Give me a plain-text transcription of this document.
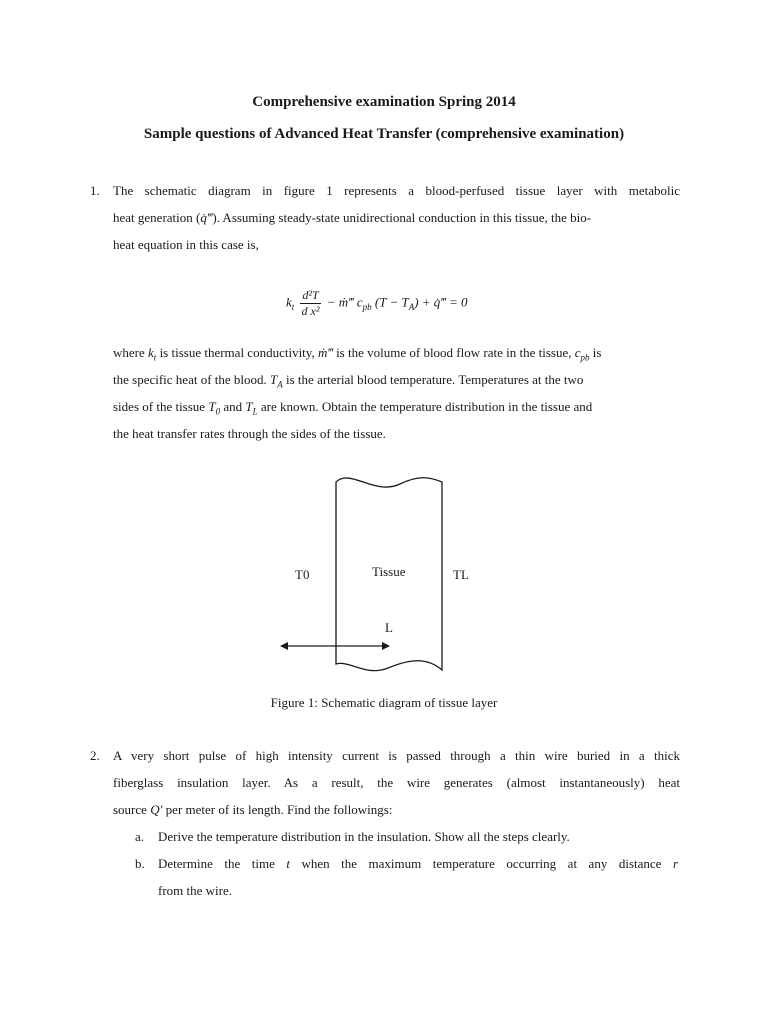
Comprehensive examination Spring 2014
Sample questions of Advanced Heat Transfer (comprehensive examination)
1. The schematic diagram in figure 1 represents a blood-perfused tissue layer with metabolic
heat generation (q̇‴). Assuming steady-state unidirectional conduction in this tissue, the bio-
heat equation in this case is,
$k_t \frac{\text{d²T}}{\text{d x²}}$ − ṁ‴ $c_{pb}$ $(T - T_A)$ + q̇‴ = 0
where $k_t$ is tissue thermal conductivity, ṁ‴ is the volume of blood flow rate in the tissue, $c_{pb}$ is
the specific heat of the blood. $T_A$ is the arterial blood temperature. Temperatures at the two
sides of the tissue $T_0$ and $T_L$ are known. Obtain the temperature distribution in the tissue and
the heat transfer rates through the sides of the tissue.
T0	Tissue	TL
L
Figure 1: Schematic diagram of tissue layer
2. A very short pulse of high intensity current is passed through a thin wire buried in a thick
fiberglass insulation layer. As a result, the wire generates (almost instantaneously) heat
source Q′ per meter of its length. Find the followings:
a. Derive the temperature distribution in the insulation. Show all the steps clearly.
b. Determine the time t when the maximum temperature occurring at any distance r
from the wire.
